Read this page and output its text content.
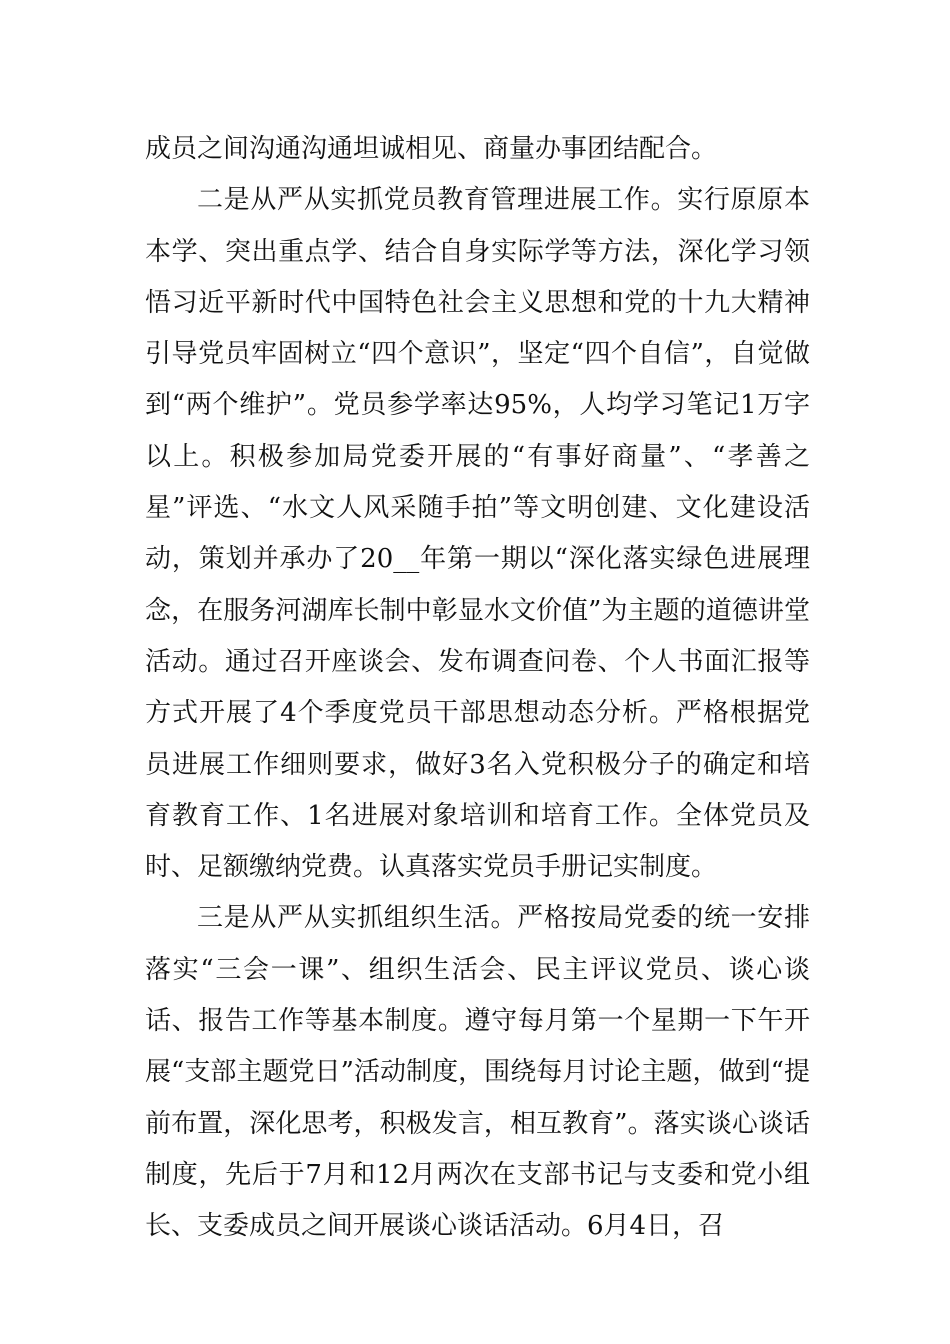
成员之间沟通沟通坦诚相见、商量办事团结配合。

二是从严从实抓党员教育管理进展工作。实行原原本本学、突出重点学、结合自身实际学等方法，深化学习领悟习近平新时代中国特色社会主义思想和党的十九大精神引导党员牢固树立“四个意识”，坚定“四个自信”，自觉做到“两个维护”。党员参学率达95%，人均学习笔记1万字以上。积极参加局党委开展的“有事好商量”、“孝善之星”评选、“水文人风采随手拍”等文明创建、文化建设活动，策划并承办了20__年第一期以“深化落实绿色进展理念，在服务河湖库长制中彰显水文价值”为主题的道德讲堂活动。通过召开座谈会、发布调查问卷、个人书面汇报等方式开展了4个季度党员干部思想动态分析。严格根据党员进展工作细则要求，做好3名入党积极分子的确定和培育教育工作、1名进展对象培训和培育工作。全体党员及时、足额缴纳党费。认真落实党员手册记实制度。

三是从严从实抓组织生活。严格按局党委的统一安排落实“三会一课”、组织生活会、民主评议党员、谈心谈话、报告工作等基本制度。遵守每月第一个星期一下午开展“支部主题党日”活动制度，围绕每月讨论主题，做到“提前布置，深化思考，积极发言，相互教育”。落实谈心谈话制度，先后于7月和12月两次在支部书记与支委和党小组长、支委成员之间开展谈心谈话活动。6月4日，召
